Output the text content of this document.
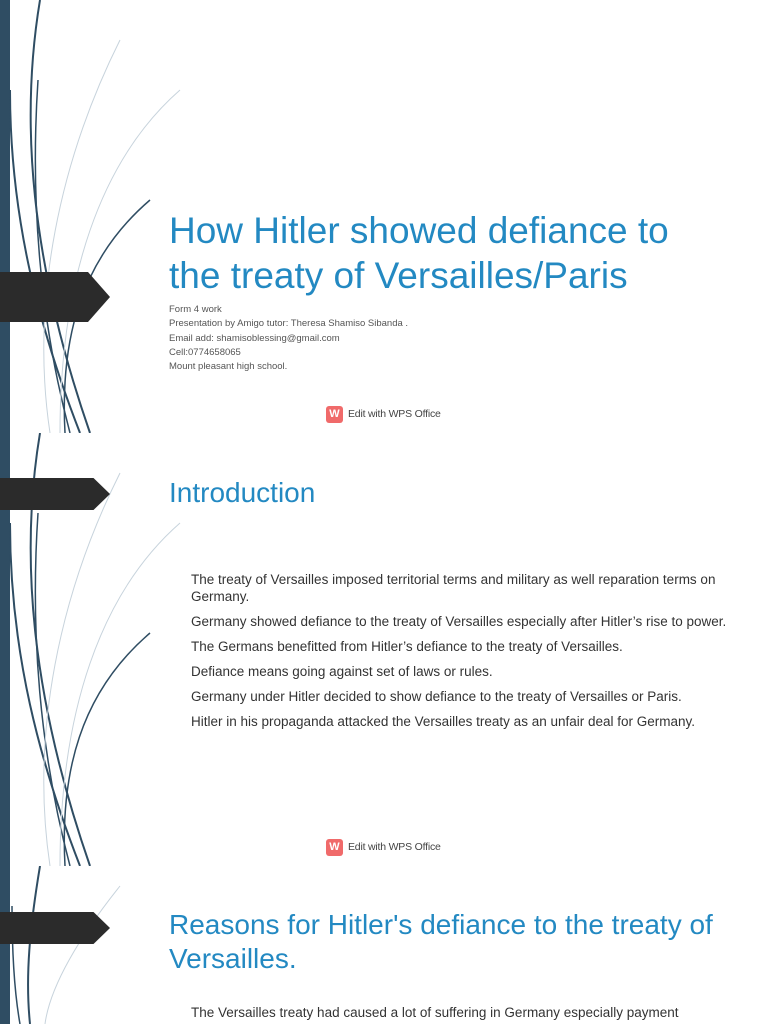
How Hitler showed defiance to the treaty of Versailles/Paris
Form 4 work
Presentation by Amigo tutor: Theresa Shamiso Sibanda .
Email add: shamisoblessing@gmail.com
Cell:0774658065
Mount pleasant high school.
W Edit with WPS Office
Introduction
The treaty of Versailles imposed territorial terms and military as well reparation terms on Germany.
Germany showed defiance to the treaty of Versailles especially after Hitler’s rise to power.
The Germans benefitted from Hitler’s defiance to the treaty of Versailles.
Defiance means going against set of laws or rules.
Germany under Hitler decided to show defiance to the treaty of Versailles or Paris.
Hitler in his propaganda attacked the Versailles treaty as an unfair deal for Germany.
W Edit with WPS Office
Reasons for Hitler's defiance to the treaty of Versailles.
The Versailles treaty had caused a lot of suffering in Germany especially payment
